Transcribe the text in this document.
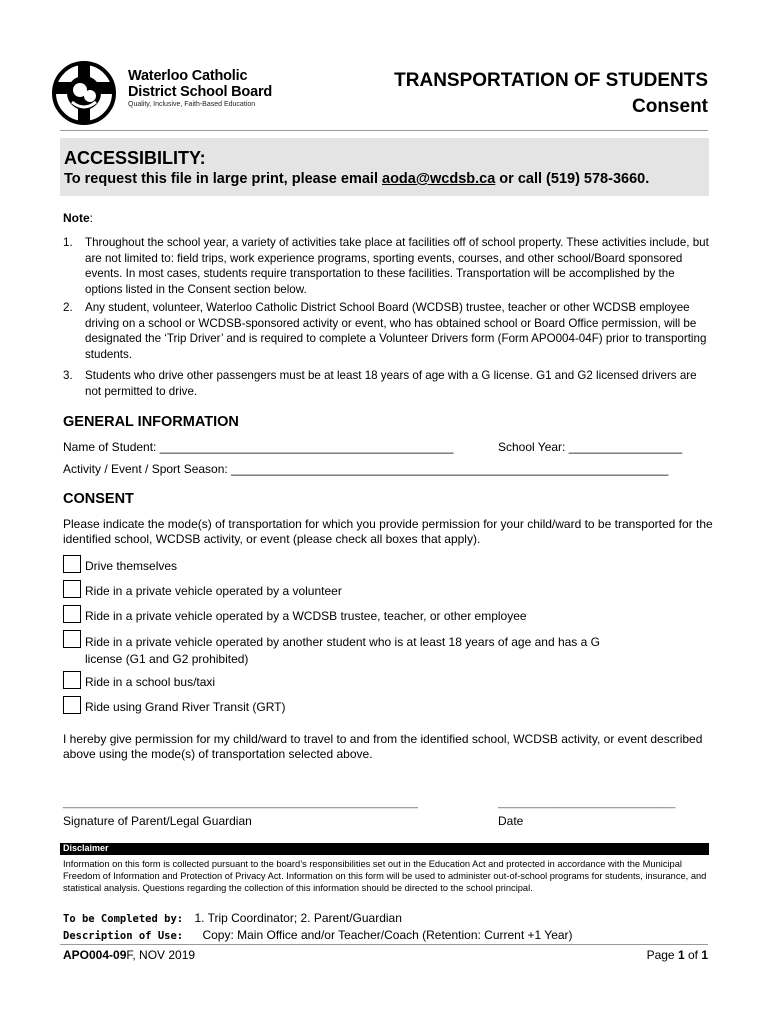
Waterloo Catholic
District School Board
Quality, Inclusive, Faith-Based Education
TRANSPORTATION OF STUDENTS
Consent
ACCESSIBILITY:
To request this file in large print, please email aoda@wcdsb.ca or call (519) 578-3660.
Note:
1. Throughout the school year, a variety of activities take place at facilities off of school property. These activities include, but are not limited to: field trips, work experience programs, sporting events, courses, and other school/Board sponsored events. In most cases, students require transportation to these facilities. Transportation will be accomplished by the options listed in the Consent section below.
2. Any student, volunteer, Waterloo Catholic District School Board (WCDSB) trustee, teacher or other WCDSB employee driving on a school or WCDSB-sponsored activity or event, who has obtained school or Board Office permission, will be designated the ‘Trip Driver’ and is required to complete a Volunteer Drivers form (Form APO004-04F) prior to transporting students.
3. Students who drive other passengers must be at least 18 years of age with a G license. G1 and G2 licensed drivers are not permitted to drive.
GENERAL INFORMATION
Name of Student: ____________________________________________	School Year: _________________
Activity / Event / Sport Season: __________________________________________________________________
CONSENT
Please indicate the mode(s) of transportation for which you provide permission for your child/ward to be transported for the identified school, WCDSB activity, or event (please check all boxes that apply).
Drive themselves
Ride in a private vehicle operated by a volunteer
Ride in a private vehicle operated by a WCDSB trustee, teacher, or other employee
Ride in a private vehicle operated by another student who is at least 18 years of age and has a G license (G1 and G2 prohibited)
Ride in a school bus/taxi
Ride using Grand River Transit (GRT)
I hereby give permission for my child/ward to travel to and from the identified school, WCDSB activity, or event described above using the mode(s) of transportation selected above.
__________________________________________________________	_____________________________
Signature of Parent/Legal Guardian	Date
Disclaimer
Information on this form is collected pursuant to the board’s responsibilities set out in the Education Act and protected in accordance with the Municipal Freedom of Information and Protection of Privacy Act. Information on this form will be used to administer out-of-school programs for students, insurance, and statistical analysis. Questions regarding the collection of this information should be directed to the school principal.
To be Completed by: 1. Trip Coordinator; 2. Parent/Guardian
Description of Use: Copy: Main Office and/or Teacher/Coach (Retention: Current +1 Year)
APO004-09F, NOV 2019	Page 1 of 1
